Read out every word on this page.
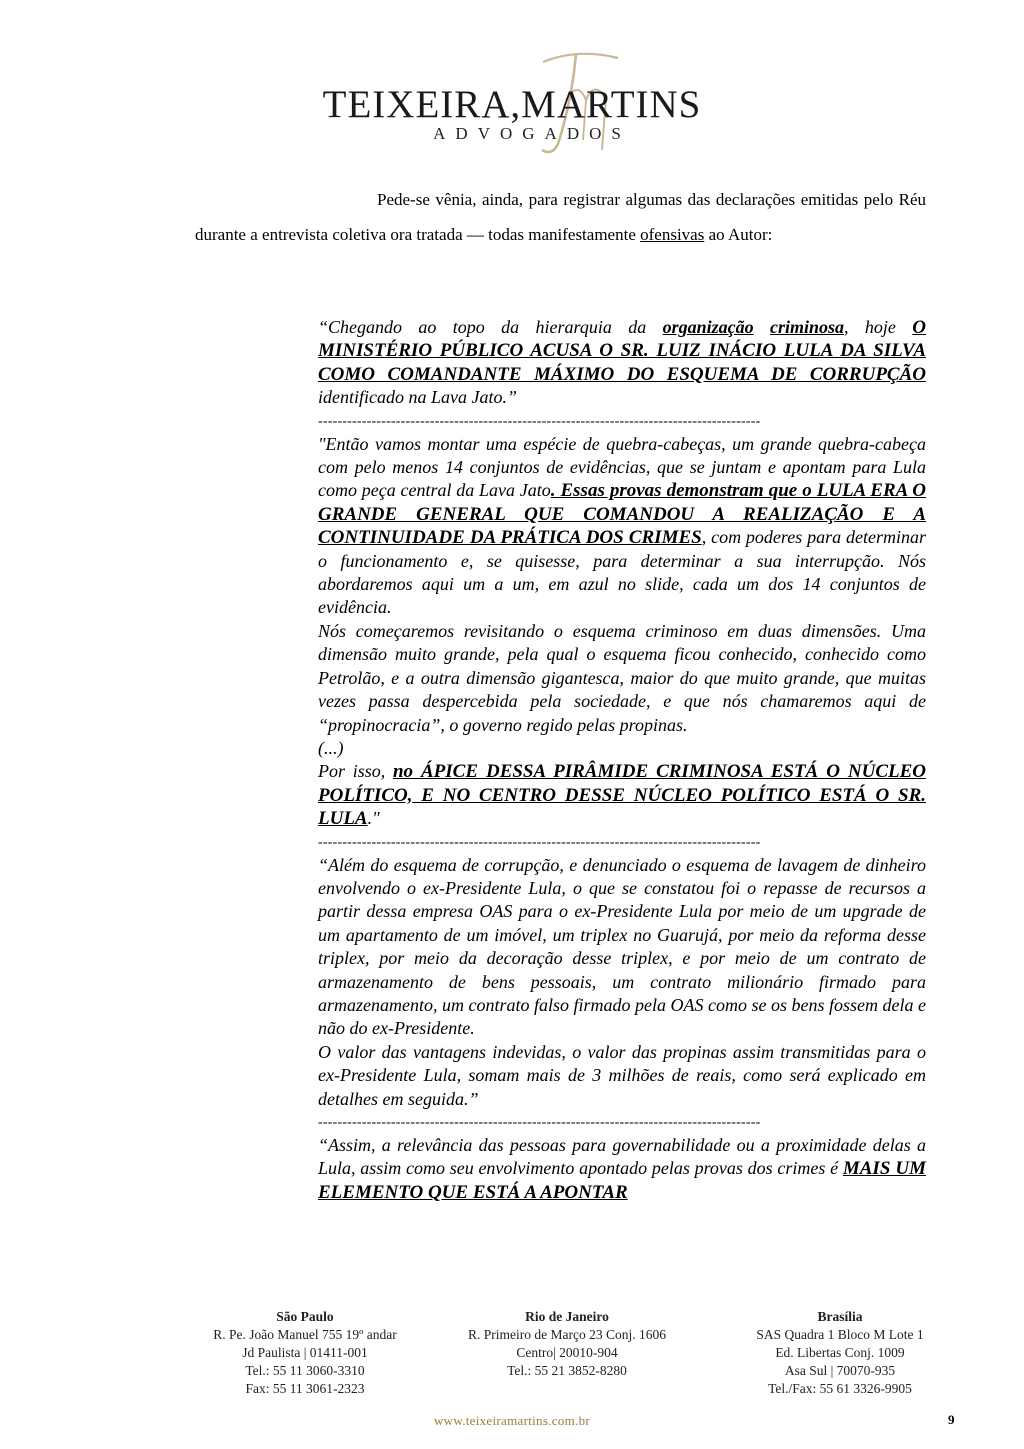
TEIXEIRA,MARTINS
ADVOGADOS
Pede-se vênia, ainda, para registrar algumas das declarações emitidas pelo Réu durante a entrevista coletiva ora tratada — todas manifestamente ofensivas ao Autor:

“Chegando ao topo da hierarquia da organização criminosa, hoje O MINISTÉRIO PÚBLICO ACUSA O SR. LUIZ INÁCIO LULA DA SILVA COMO COMANDANTE MÁXIMO DO ESQUEMA DE CORRUPÇÃO identificado na Lava Jato.”

-------------------------------------------------------------------------------------------

"Então vamos montar uma espécie de quebra-cabeças, um grande quebra-cabeça com pelo menos 14 conjuntos de evidências, que se juntam e apontam para Lula como peça central da Lava Jato. Essas provas demonstram que o LULA ERA O GRANDE GENERAL QUE COMANDOU A REALIZAÇÃO E A CONTINUIDADE DA PRÁTICA DOS CRIMES, com poderes para determinar o funcionamento e, se quisesse, para determinar a sua interrupção. Nós abordaremos aqui um a um, em azul no slide, cada um dos 14 conjuntos de evidência.

Nós começaremos revisitando o esquema criminoso em duas dimensões. Uma dimensão muito grande, pela qual o esquema ficou conhecido, conhecido como Petrolão, e a outra dimensão gigantesca, maior do que muito grande, que muitas vezes passa despercebida pela sociedade, e que nós chamaremos aqui de “propinocracia”, o governo regido pelas propinas.

(...)

Por isso, no ÁPICE DESSA PIRÂMIDE CRIMINOSA ESTÁ O NÚCLEO POLÍTICO, E NO CENTRO DESSE NÚCLEO POLÍTICO ESTÁ O SR. LULA."

-------------------------------------------------------------------------------------------

“Além do esquema de corrupção, e denunciado o esquema de lavagem de dinheiro envolvendo o ex-Presidente Lula, o que se constatou foi o repasse de recursos a partir dessa empresa OAS para o ex-Presidente Lula por meio de um upgrade de um apartamento de um imóvel, um triplex no Guarujá, por meio da reforma desse triplex, por meio da decoração desse triplex, e por meio de um contrato de armazenamento de bens pessoais, um contrato milionário firmado para armazenamento, um contrato falso firmado pela OAS como se os bens fossem dela e não do ex-Presidente.

O valor das vantagens indevidas, o valor das propinas assim transmitidas para o ex-Presidente Lula, somam mais de 3 milhões de reais, como será explicado em detalhes em seguida.”

-------------------------------------------------------------------------------------------

“Assim, a relevância das pessoas para governabilidade ou a proximidade delas a Lula, assim como seu envolvimento apontado pelas provas dos crimes é MAIS UM ELEMENTO QUE ESTÁ A APONTAR

São Paulo
R. Pe. João Manuel 755 19º andar
Jd Paulista | 01411-001
Tel.: 55 11 3060-3310
Fax: 55 11 3061-2323
Rio de Janeiro
R. Primeiro de Março 23 Conj. 1606
Centro| 20010-904
Tel.: 55 21 3852-8280
Brasília
SAS Quadra 1 Bloco M Lote 1
Ed. Libertas Conj. 1009
Asa Sul | 70070-935
Tel./Fax: 55 61 3326-9905
www.teixeiramartins.com.br	9
